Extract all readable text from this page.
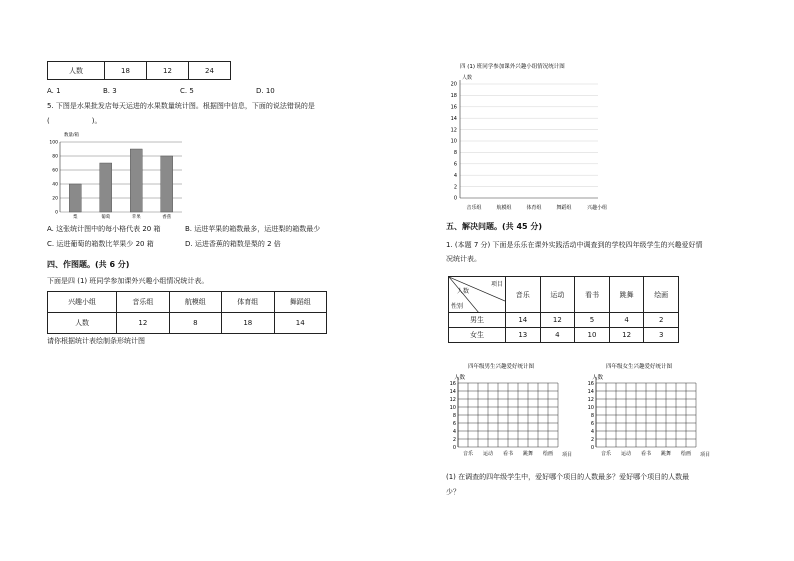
人数	18	12	24
A. 1	B. 3	C. 5	D. 10
5. 下图是水果批发店每天运进的水果数量统计图。根据图中信息，下面的说法错误的是
(　　　　　　)。
数量/箱
0
20
40
60
80
100
梨	葡萄	苹果	香蕉
A. 这张统计图中的每小格代表 20 箱	B. 运进苹果的箱数最多，运进梨的箱数最少
C. 运进葡萄的箱数比苹果少 20 箱	D. 运进香蕉的箱数是梨的 2 倍
四、作图题。(共 6 分)
下面是四 (1) 班同学参加课外兴趣小组情况统计表。
兴趣小组	音乐组	航模组	体育组	舞蹈组
人数	12	8	18	14
请你根据统计表绘制条形统计图
四 (1) 班同学参加课外兴趣小组情况统计图
人数
0
2
4
6
8
10
12
14
16
18
20
音乐组	航模组	体育组	舞蹈组	兴趣小组
五、解决问题。(共 45 分)
1. (本题 7 分) 下面是乐乐在课外实践活动中调查到的学校四年级学生的兴趣爱好情
况统计表。
项目
人数
性别	音乐	运动	看书	跳舞	绘画
男生	14	12	5	4	2
女生	13	4	10	12	3
四年级男生兴趣爱好统计图
人数
0
2
4
6
8
10
12
14
16
音乐 运动 看书 跳舞 绘画 项目
四年级女生兴趣爱好统计图
人数
0
2
4
6
8
10
12
14
16
音乐 运动 看书 跳舞 绘画 项目
(1) 在调查的四年级学生中，爱好哪个项目的人数最多？爱好哪个项目的人数最
少？
